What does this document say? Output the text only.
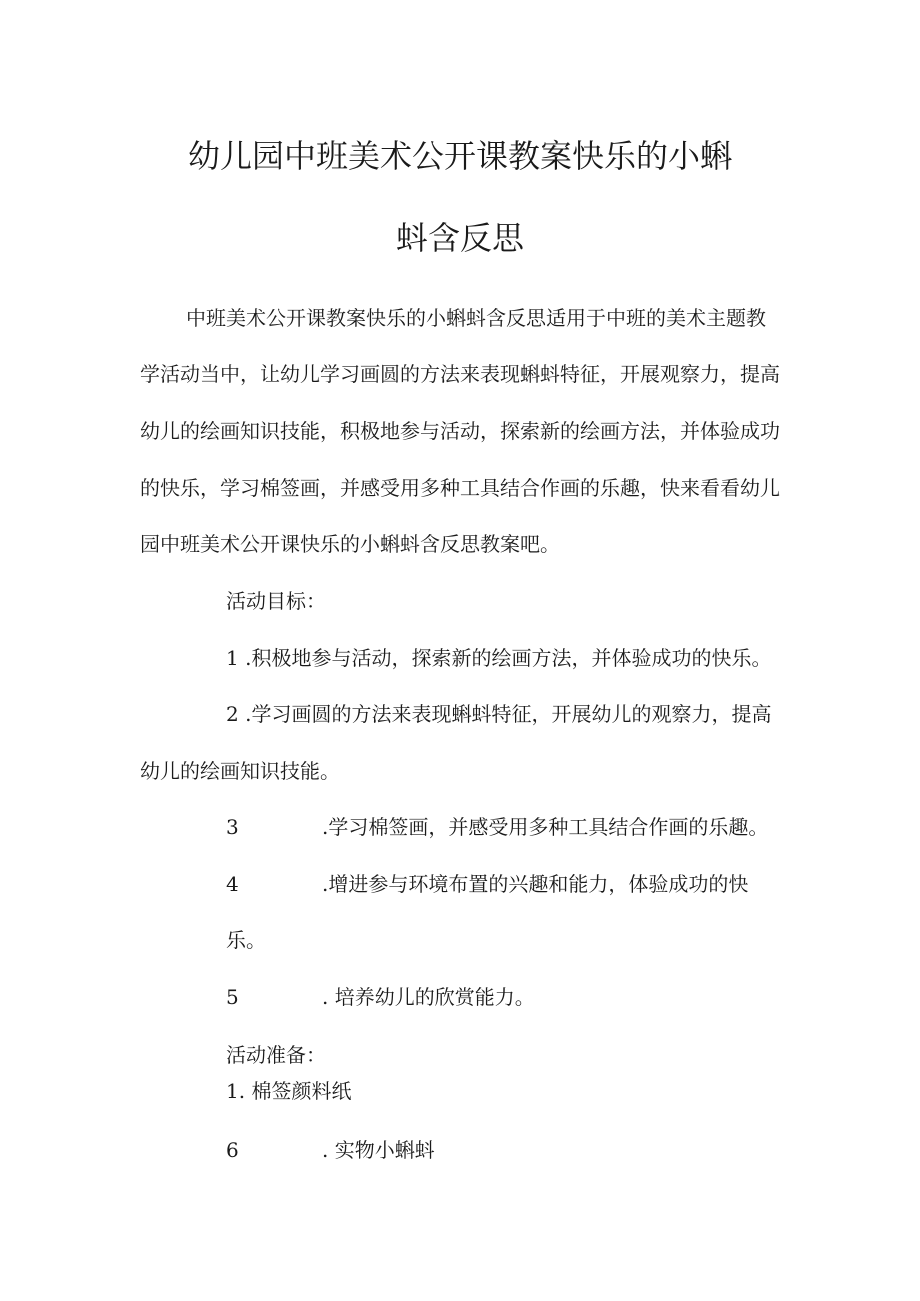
幼儿园中班美术公开课教案快乐的小蝌
蚪含反思
中班美术公开课教案快乐的小蝌蚪含反思适用于中班的美术主题教
学活动当中，让幼儿学习画圆的方法来表现蝌蚪特征，开展观察力，提高
幼儿的绘画知识技能，积极地参与活动，探索新的绘画方法，并体验成功
的快乐，学习棉签画，并感受用多种工具结合作画的乐趣，快来看看幼儿
园中班美术公开课快乐的小蝌蚪含反思教案吧。
活动目标：
1 .积极地参与活动，探索新的绘画方法，并体验成功的快乐。
2 .学习画圆的方法来表现蝌蚪特征，开展幼儿的观察力，提高
幼儿的绘画知识技能。
3	.学习棉签画，并感受用多种工具结合作画的乐趣。
4	.增进参与环境布置的兴趣和能力，体验成功的快
乐。
5	. 培养幼儿的欣赏能力。
活动准备：
1. 棉签颜料纸
6	. 实物小蝌蚪
